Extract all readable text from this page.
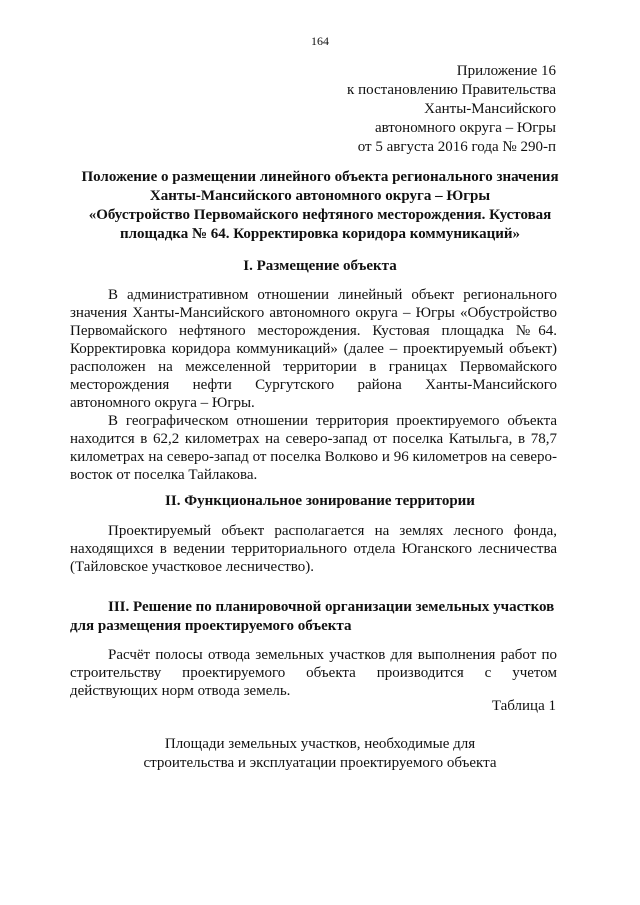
164
Приложение 16
к постановлению Правительства
Ханты-Мансийского
автономного округа – Югры
от 5 августа 2016 года № 290-п
Положение о размещении линейного объекта регионального значения
Ханты-Мансийского автономного округа – Югры
«Обустройство Первомайского нефтяного месторождения. Кустовая
площадка № 64. Корректировка коридора коммуникаций»
I. Размещение объекта
В административном отношении линейный объект регионального значения Ханты-Мансийского автономного округа – Югры «Обустройство Первомайского нефтяного месторождения. Кустовая площадка №64. Корректировка коридора коммуникаций» (далее – проектируемый объект) расположен на межселенной территории в границах Первомайского месторождения нефти Сургутского района Ханты-Мансийского автономного округа – Югры.
В географическом отношении территория проектируемого объекта находится в 62,2 километрах на северо-запад от поселка Катыльга, в 78,7 километрах на северо-запад от поселка Волково и 96 километров на северо-восток от поселка Тайлакова.
II. Функциональное зонирование территории
Проектируемый объект располагается на землях лесного фонда, находящихся в ведении территориального отдела Юганского лесничества (Тайловское участковое лесничество).
III. Решение по планировочной организации земельных участков
для размещения проектируемого объекта
Расчёт полосы отвода земельных участков для выполнения работ по строительству проектируемого объекта производится с учетом действующих норм отвода земель.
Таблица 1
Площади земельных участков, необходимые для
строительства и эксплуатации проектируемого объекта
